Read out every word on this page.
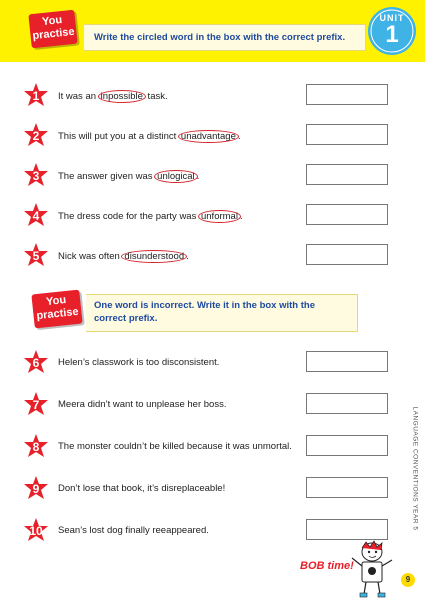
You practise Write the circled word in the box with the correct prefix.
UNIT
1
1	It was an inpossible task.
2	This will put you at a distinct unadvantage .
3	The answer given was unlogical .
4	The dress code for the party was unformal .
5	Nick was often disunderstood .
You practise
One word is incorrect. Write it in the box with the correct prefix.
6	Helen’s classwork is too disconsistent.
7	Meera didn’t want to unplease her boss.
8	The monster couldn’t be killed because it was unmortal.
9	Don’t lose that book, it’s disreplaceable!
10	Sean’s lost dog finally reeappeared.
LANGUAGE CONVENTIONS YEAR 5
BOB time!
9
